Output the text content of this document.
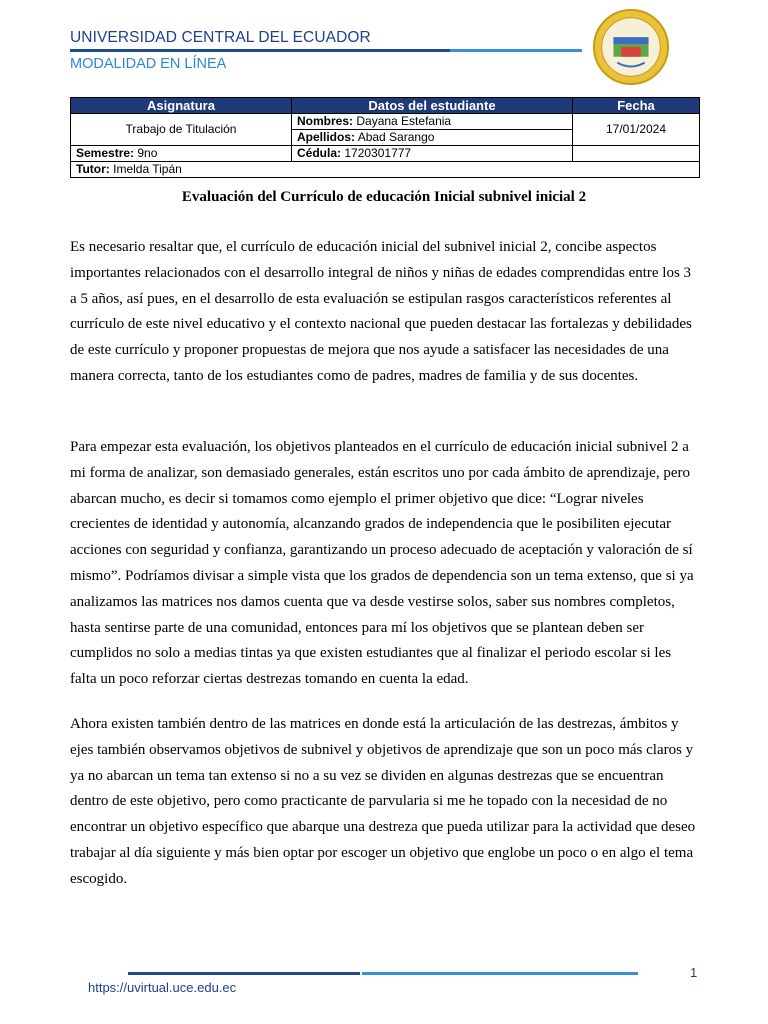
UNIVERSIDAD CENTRAL DEL ECUADOR
MODALIDAD EN LÍNEA
Asignatura	Datos del estudiante	Fecha
Trabajo de Titulación	Nombres: Dayana Estefania	17/01/2024
	Apellidos: Abad Sarango	
Semestre: 9no	Cédula: 1720301777	
Tutor: Imelda Tipán		
Evaluación del Currículo de educación Inicial subnivel inicial 2

Es necesario resaltar que, el currículo de educación inicial del subnivel inicial 2, concibe aspectos importantes relacionados con el desarrollo integral de niños y niñas de edades comprendidas entre los 3 a 5 años, así pues, en el desarrollo de esta evaluación se estipulan rasgos característicos referentes al currículo de este nivel educativo y el contexto nacional que pueden destacar las fortalezas y debilidades de este currículo y proponer propuestas de mejora que nos ayude a satisfacer las necesidades de una manera correcta, tanto de los estudiantes como de padres, madres de familia y de sus docentes.

Para empezar esta evaluación, los objetivos planteados en el currículo de educación inicial subnivel 2 a mi forma de analizar, son demasiado generales, están escritos uno por cada ámbito de aprendizaje, pero abarcan mucho, es decir si tomamos como ejemplo el primer objetivo que dice: “Lograr niveles crecientes de identidad y autonomía, alcanzando grados de independencia que le posibiliten ejecutar acciones con seguridad y confianza, garantizando un proceso adecuado de aceptación y valoración de sí mismo”. Podríamos divisar a simple vista que los grados de dependencia son un tema extenso, que si ya analizamos las matrices nos damos cuenta que va desde vestirse solos, saber sus nombres completos, hasta sentirse parte de una comunidad, entonces para mí los objetivos que se plantean deben ser cumplidos no solo a medias tintas ya que existen estudiantes que al finalizar el periodo escolar si les falta un poco reforzar ciertas destrezas tomando en cuenta la edad.

Ahora existen también dentro de las matrices en donde está la articulación de las destrezas, ámbitos y ejes también observamos objetivos de subnivel y objetivos de aprendizaje que son un poco más claros y ya no abarcan un tema tan extenso si no a su vez se dividen en algunas destrezas que se encuentran dentro de este objetivo, pero como practicante de parvularia si me he topado con la necesidad de no encontrar un objetivo específico que abarque una destreza que pueda utilizar para la actividad que deseo trabajar al día siguiente y más bien optar por escoger un objetivo que englobe un poco o en algo el tema escogido.

1
https://uvirtual.uce.edu.ec
